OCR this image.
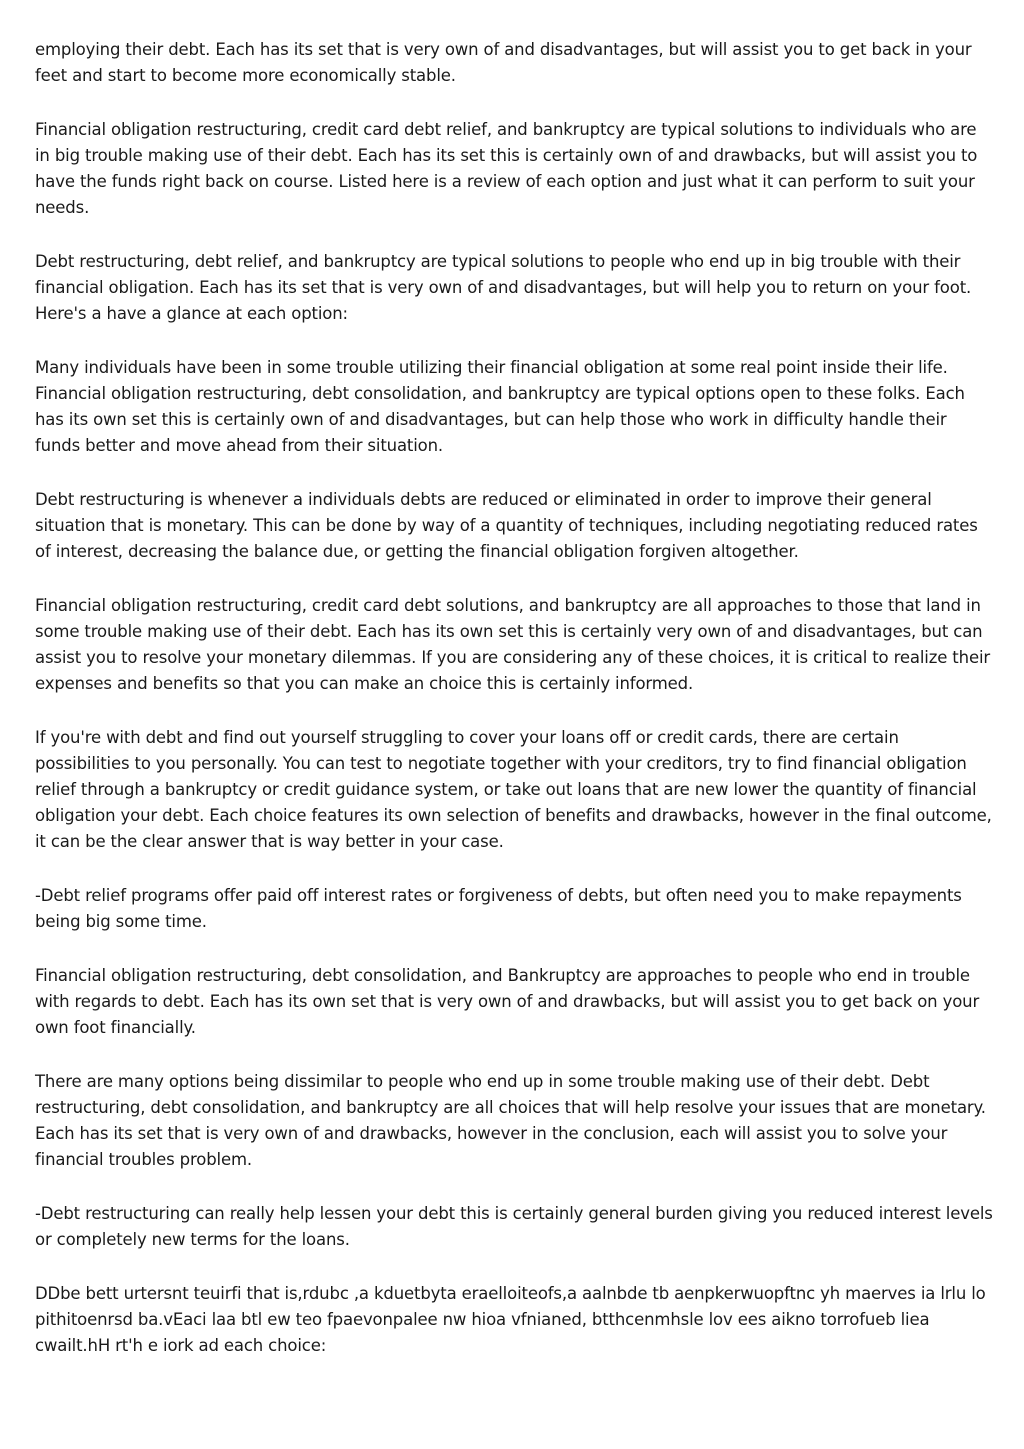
employing their debt. Each has its set that is very own of and disadvantages, but will assist you to get back in your feet and start to become more economically stable.

Financial obligation restructuring, credit card debt relief, and bankruptcy are typical solutions to individuals who are in big trouble making use of their debt. Each has its set this is certainly own of and drawbacks, but will assist you to have the funds right back on course. Listed here is a review of each option and just what it can perform to suit your needs.

Debt restructuring, debt relief, and bankruptcy are typical solutions to people who end up in big trouble with their financial obligation. Each has its set that is very own of and disadvantages, but will help you to return on your foot. Here's a have a glance at each option:

Many individuals have been in some trouble utilizing their financial obligation at some real point inside their life. Financial obligation restructuring, debt consolidation, and bankruptcy are typical options open to these folks. Each has its own set this is certainly own of and disadvantages, but can help those who work in difficulty handle their funds better and move ahead from their situation.

Debt restructuring is whenever a individuals debts are reduced or eliminated in order to improve their general situation that is monetary. This can be done by way of a quantity of techniques, including negotiating reduced rates of interest, decreasing the balance due, or getting the financial obligation forgiven altogether.

Financial obligation restructuring, credit card debt solutions, and bankruptcy are all approaches to those that land in some trouble making use of their debt. Each has its own set this is certainly very own of and disadvantages, but can assist you to resolve your monetary dilemmas. If you are considering any of these choices, it is critical to realize their expenses and benefits so that you can make an choice this is certainly informed.

If you're with debt and find out yourself struggling to cover your loans off or credit cards, there are certain possibilities to you personally. You can test to negotiate together with your creditors, try to find financial obligation relief through a bankruptcy or credit guidance system, or take out loans that are new lower the quantity of financial obligation your debt. Each choice features its own selection of benefits and drawbacks, however in the final outcome, it can be the clear answer that is way better in your case.

-Debt relief programs offer paid off interest rates or forgiveness of debts, but often need you to make repayments being big some time.

Financial obligation restructuring, debt consolidation, and Bankruptcy are approaches to people who end in trouble with regards to debt. Each has its own set that is very own of and drawbacks, but will assist you to get back on your own foot financially.

There are many options being dissimilar to people who end up in some trouble making use of their debt. Debt restructuring, debt consolidation, and bankruptcy are all choices that will help resolve your issues that are monetary. Each has its set that is very own of and drawbacks, however in the conclusion, each will assist you to solve your financial troubles problem.

-Debt restructuring can really help lessen your debt this is certainly general burden giving you reduced interest levels or completely new terms for the loans.

DDbe bett urtersnt teuirfi that is,rdubc ,a kduetbyta eraelloiteofs,a aalnbde tb aenpkerwuopftnc yh maerves ia lrlu lo pithitoenrsd ba.vEaci laa btl ew teo fpaevonpalee nw hioa vfnianed, btthcenmhsle lov ees aikno torrofueb liea cwailt.hH rt'h e iork ad each choice:
